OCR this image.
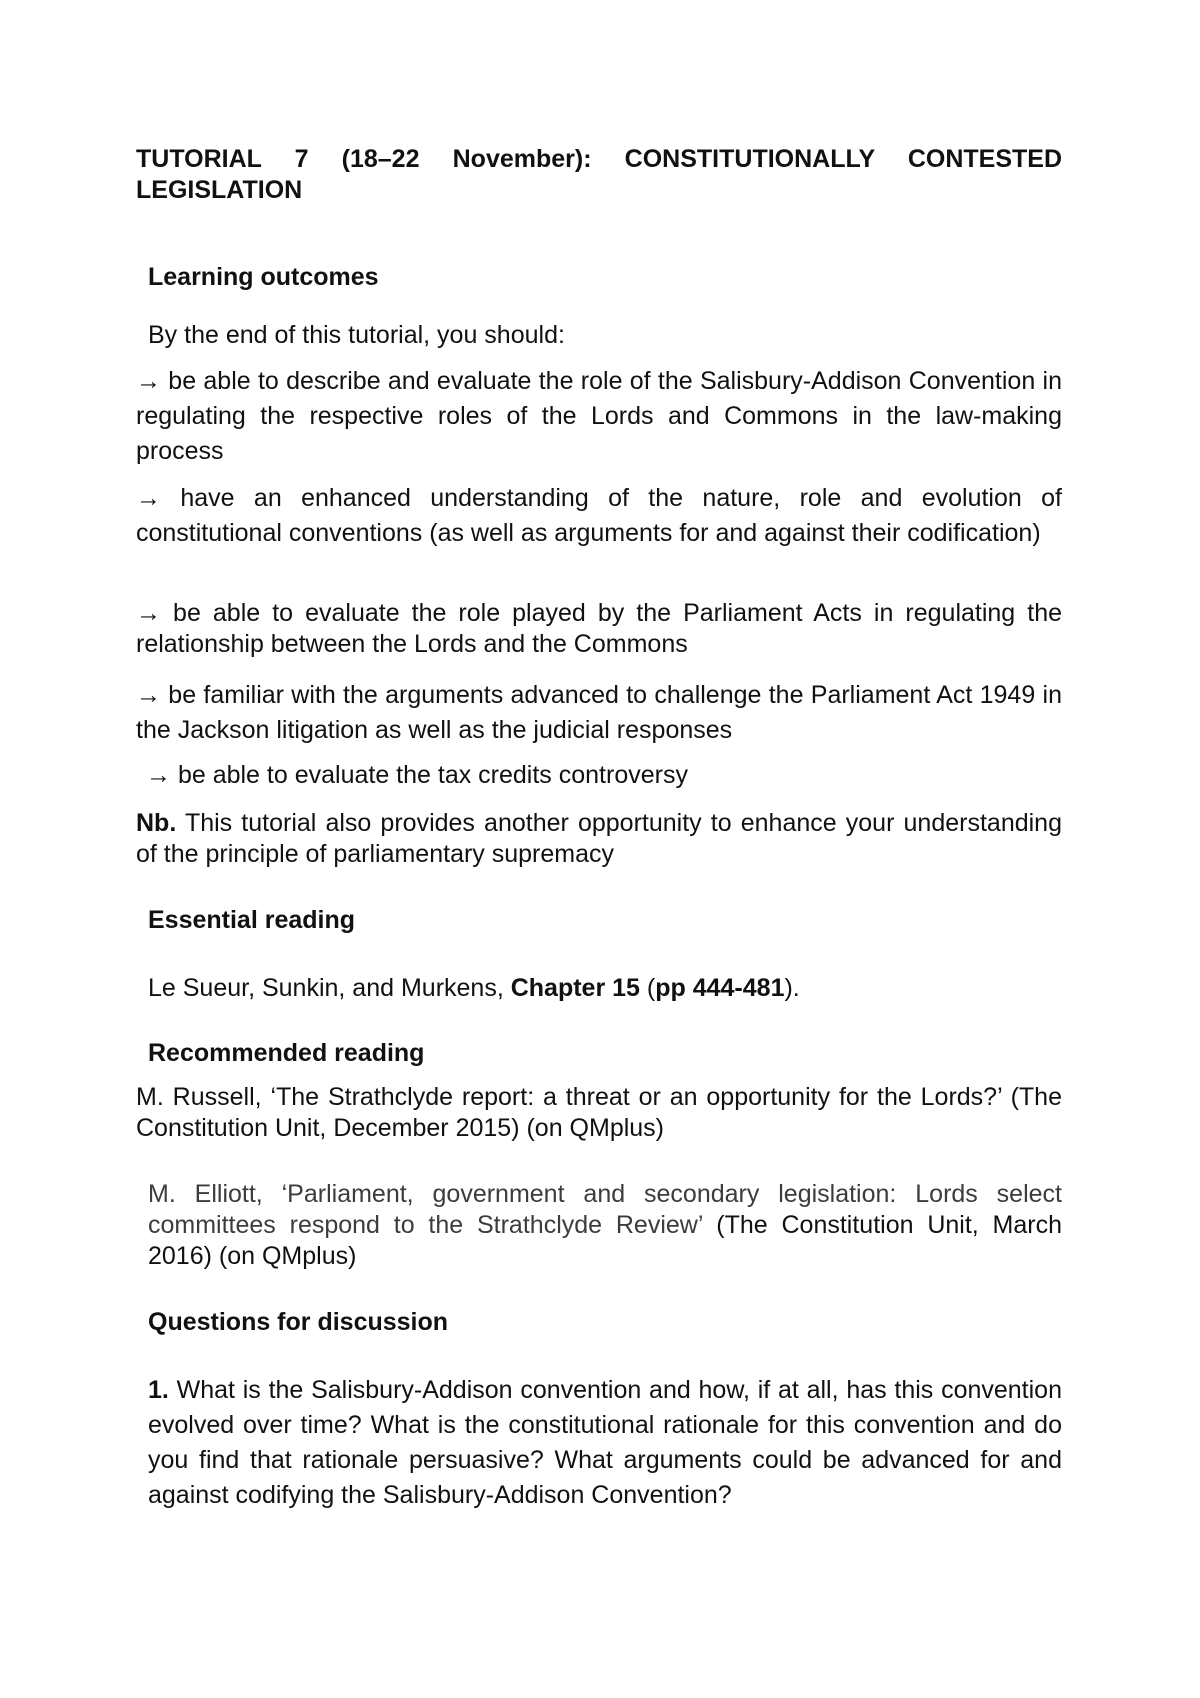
TUTORIAL 7 (18–22 November): CONSTITUTIONALLY CONTESTED LEGISLATION
Learning outcomes
By the end of this tutorial, you should:
→ be able to describe and evaluate the role of the Salisbury-Addison Convention in regulating the respective roles of the Lords and Commons in the law-making process
→ have an enhanced understanding of the nature, role and evolution of constitutional conventions (as well as arguments for and against their codification)
→ be able to evaluate the role played by the Parliament Acts in regulating the relationship between the Lords and the Commons
→ be familiar with the arguments advanced to challenge the Parliament Act 1949 in the Jackson litigation as well as the judicial responses
→ be able to evaluate the tax credits controversy
Nb. This tutorial also provides another opportunity to enhance your understanding of the principle of parliamentary supremacy
Essential reading
Le Sueur, Sunkin, and Murkens, Chapter 15 (pp 444-481).
Recommended reading
M. Russell, ‘The Strathclyde report: a threat or an opportunity for the Lords?’ (The Constitution Unit, December 2015) (on QMplus)
M. Elliott, ‘Parliament, government and secondary legislation: Lords select committees respond to the Strathclyde Review’ (The Constitution Unit, March 2016) (on QMplus)
Questions for discussion
1. What is the Salisbury-Addison convention and how, if at all, has this convention evolved over time? What is the constitutional rationale for this convention and do you find that rationale persuasive? What arguments could be advanced for and against codifying the Salisbury-Addison Convention?
